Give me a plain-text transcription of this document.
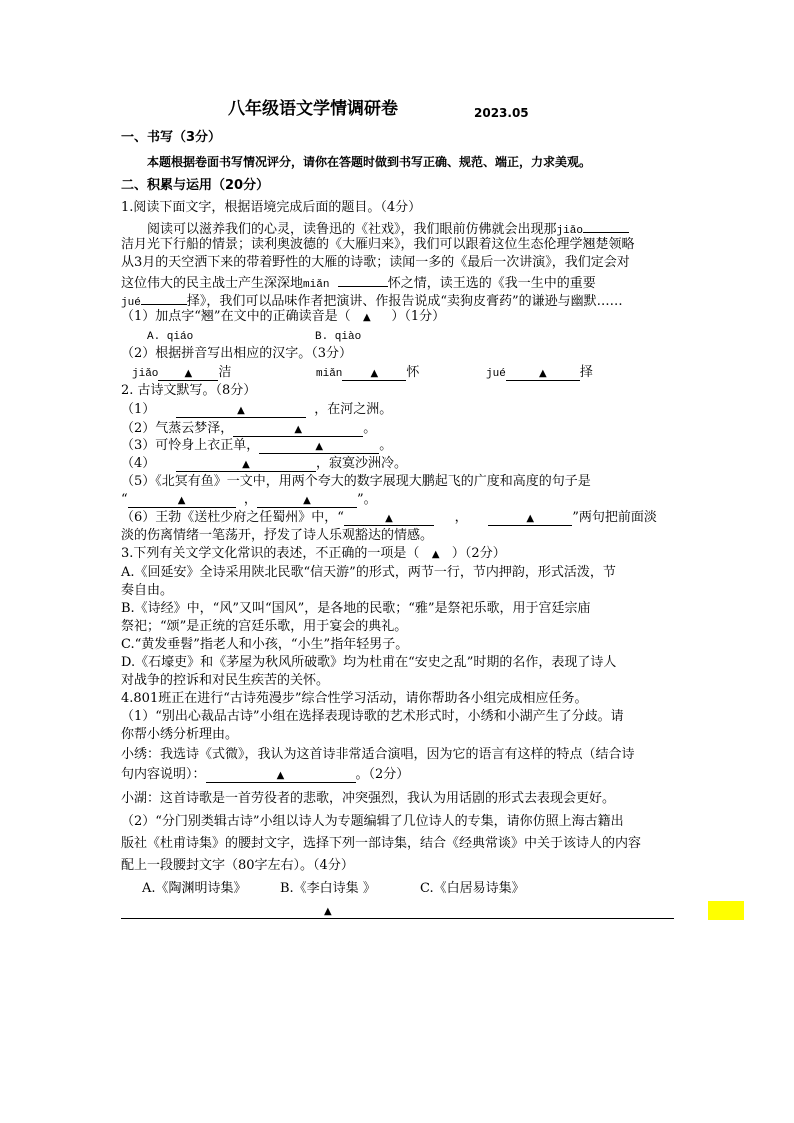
八年级语文学情调研卷	2023.05
一、书写（3分）
本题根据卷面书写情况评分，请你在答题时做到书写正确、规范、端正，力求美观。
二、积累与运用（20分）
1.阅读下面文字，根据语境完成后面的题目。（4分）
阅读可以滋养我们的心灵，读鲁迅的《社戏》，我们眼前仿佛就会出现那jiǎo
洁月光下行船的情景；读利奥波德的《大雁归来》，我们可以跟着这位生态伦理学翘楚领略
从3月的天空洒下来的带着野性的大雁的诗歌；读闻一多的《最后一次讲演》，我们定会对
这位伟大的民主战士产生深深地miǎn	怀之情，读王选的《我一生中的重要
jué	择》，我们可以品味作者把演讲、作报告说成“卖狗皮膏药”的谦逊与幽默……
（1）加点字“翘”在文中的正确读音是（ ▲ ）（1分）
A. qiáo	B. qiào
（2）根据拼音写出相应的汉字。（3分）
jiǎo	▲ 洁	miǎn	▲ 怀	jué	▲	择
2. 古诗文默写。（8分）
（1）	▲	，在河之洲。
（2）气蒸云梦泽，	▲	。
（3）可怜身上衣正单，	▲	。
（4）	▲	，寂寞沙洲冷。
（5）《北冥有鱼》一文中，用两个夸大的数字展现大鹏起飞的广度和高度的句子是
“	▲	，	▲	”。
（6）王勃《送杜少府之任蜀州》中，“	▲	，	▲	”两句把前面淡
淡的伤离情绪一笔荡开，抒发了诗人乐观豁达的情感。
3.下列有关文学文化常识的表述，不正确的一项是（ ▲ ）（2分）
A.《回延安》全诗采用陕北民歌“信天游”的形式，两节一行，节内押韵，形式活泼，节
奏自由。
B.《诗经》中，“风”又叫“国风”，是各地的民歌；“雅”是祭祀乐歌，用于宫廷宗庙
祭祀；“颂”是正统的宫廷乐歌，用于宴会的典礼。
C.“黄发垂髫”指老人和小孩，“小生”指年轻男子。
D.《石壕吏》和《茅屋为秋风所破歌》均为杜甫在“安史之乱”时期的名作，表现了诗人
对战争的控诉和对民生疾苦的关怀。
4.801班正在进行“古诗苑漫步”综合性学习活动，请你帮助各小组完成相应任务。
（1）“别出心裁品古诗”小组在选择表现诗歌的艺术形式时，小绣和小湖产生了分歧。请
你帮小绣分析理由。
小绣：我选诗《式微》，我认为这首诗非常适合演唱，因为它的语言有这样的特点（结合诗
句内容说明）：	▲	。（2分）
小湖：这首诗歌是一首劳役者的悲歌，冲突强烈，我认为用话剧的形式去表现会更好。
（2）“分门别类辑古诗”小组以诗人为专题编辑了几位诗人的专集，请你仿照上海古籍出
版社《杜甫诗集》的腰封文字，选择下列一部诗集，结合《经典常谈》中关于该诗人的内容
配上一段腰封文字（80字左右）。（4分）
A.《陶渊明诗集》	B.《李白诗集 》	C.《白居易诗集》
▲
